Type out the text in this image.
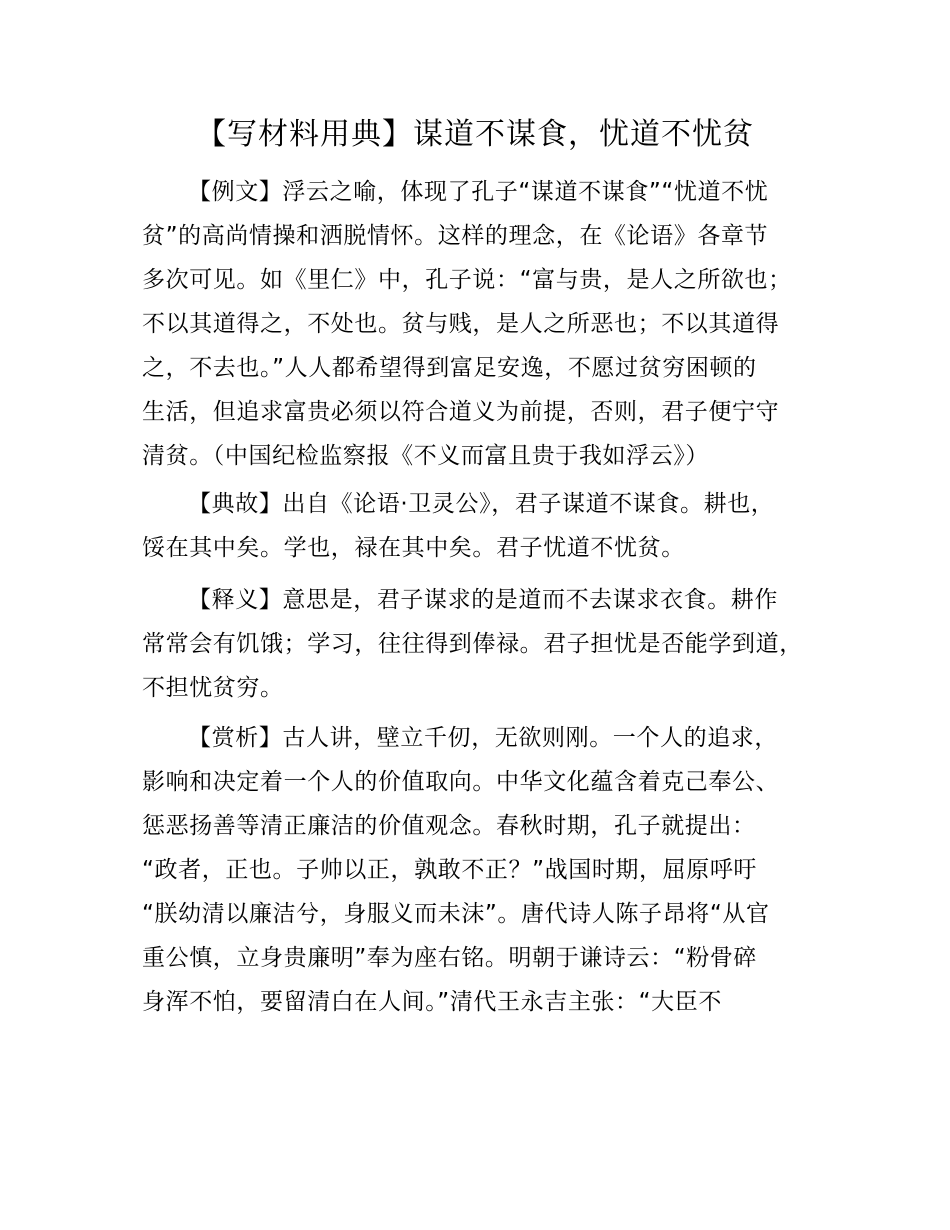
【写材料用典】谋道不谋食，忧道不忧贫
【例文】浮云之喻，体现了孔子“谋道不谋食”“忧道不忧
贫”的高尚情操和洒脱情怀。这样的理念，在《论语》各章节
多次可见。如《里仁》中，孔子说：“富与贵，是人之所欲也；
不以其道得之，不处也。贫与贱，是人之所恶也；不以其道得
之，不去也。”人人都希望得到富足安逸，不愿过贫穷困顿的
生活，但追求富贵必须以符合道义为前提，否则，君子便宁守
清贫。（中国纪检监察报《不义而富且贵于我如浮云》）
【典故】出自《论语·卫灵公》，君子谋道不谋食。耕也，
馁在其中矣。学也，禄在其中矣。君子忧道不忧贫。
【释义】意思是，君子谋求的是道而不去谋求衣食。耕作
常常会有饥饿；学习，往往得到俸禄。君子担忧是否能学到道，
不担忧贫穷。
【赏析】古人讲，壁立千仞，无欲则刚。一个人的追求，
影响和决定着一个人的价值取向。中华文化蕴含着克己奉公、
惩恶扬善等清正廉洁的价值观念。春秋时期，孔子就提出：
“政者，正也。子帅以正，孰敢不正？”战国时期，屈原呼吁
“朕幼清以廉洁兮，身服义而未沫”。唐代诗人陈子昂将“从官
重公慎，立身贵廉明”奉为座右铭。明朝于谦诗云：“粉骨碎
身浑不怕，要留清白在人间。”清代王永吉主张：“大臣不
